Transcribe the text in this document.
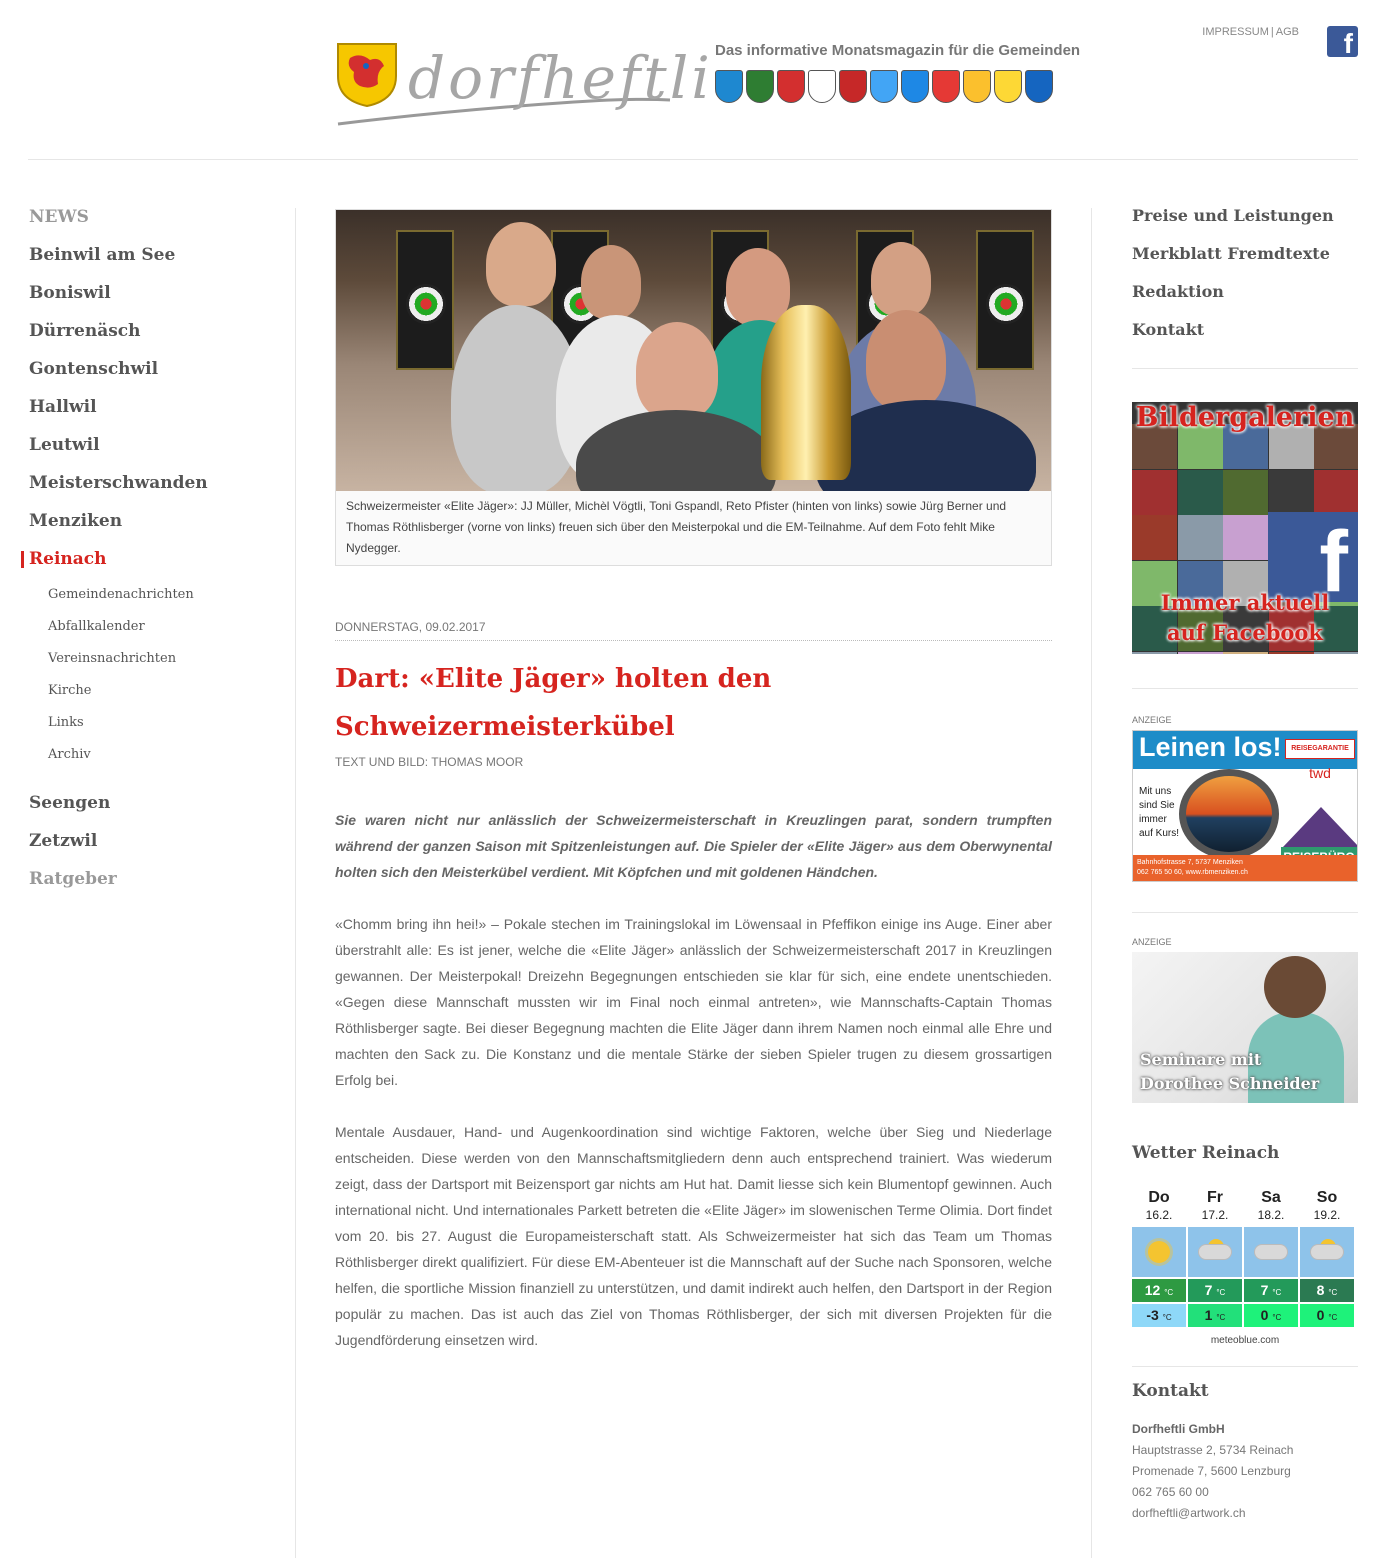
dorfheftli Das informative Monatsmagazin für die Gemeinden
IMPRESSUM | AGB	f
NEWS
Beinwil am See
Boniswil
Dürrenäsch
Gontenschwil
Hallwil
Leutwil
Meisterschwanden
Menziken
Reinach
Gemeindenachrichten
Abfallkalender
Vereinsnachrichten
Kirche
Links
Archiv
Seengen
Zetzwil
Ratgeber
Schweizermeister «Elite Jäger»: JJ Müller, Michèl Vögtli, Toni Gspandl, Reto Pfister (hinten von links) sowie Jürg Berner und Thomas Röthlisberger (vorne von links) freuen sich über den Meisterpokal und die EM-Teilnahme. Auf dem Foto fehlt Mike Nydegger.
DONNERSTAG, 09.02.2017
Dart: «Elite Jäger» holten den Schweizermeisterkübel
TEXT UND BILD: THOMAS MOOR

Sie waren nicht nur anlässlich der Schweizermeisterschaft in Kreuzlingen parat, sondern trumpften während der ganzen Saison mit Spitzenleistungen auf. Die Spieler der «Elite Jäger» aus dem Oberwynental holten sich den Meisterkübel verdient. Mit Köpfchen und mit goldenen Händchen.

«Chomm bring ihn hei!» – Pokale stechen im Trainingslokal im Löwensaal in Pfeffikon einige ins Auge. Einer aber überstrahlt alle: Es ist jener, welche die «Elite Jäger» anlässlich der Schweizermeisterschaft 2017 in Kreuzlingen gewannen. Der Meisterpokal! Dreizehn Begegnungen entschieden sie klar für sich, eine endete unentschieden. «Gegen diese Mannschaft mussten wir im Final noch einmal antreten», wie Mannschafts-Captain Thomas Röthlisberger sagte. Bei dieser Begegnung machten die Elite Jäger dann ihrem Namen noch einmal alle Ehre und machten den Sack zu. Die Konstanz und die mentale Stärke der sieben Spieler trugen zu diesem grossartigen Erfolg bei.

Mentale Ausdauer, Hand- und Augenkoordination sind wichtige Faktoren, welche über Sieg und Niederlage entscheiden. Diese werden von den Mannschaftsmitgliedern denn auch entsprechend trainiert. Was wiederum zeigt, dass der Dartsport mit Beizensport gar nichts am Hut hat. Damit liesse sich kein Blumentopf gewinnen. Auch international nicht. Und internationales Parkett betreten die «Elite Jäger» im slowenischen Terme Olimia. Dort findet vom 20. bis 27. August die Europameisterschaft statt. Als Schweizermeister hat sich das Team um Thomas Röthlisberger direkt qualifiziert. Für diese EM-Abenteuer ist die Mannschaft auf der Suche nach Sponsoren, welche helfen, die sportliche Mission finanziell zu unterstützen, und damit indirekt auch helfen, den Dartsport in der Region populär zu machen. Das ist auch das Ziel von Thomas Röthlisberger, der sich mit diversen Projekten für die Jugendförderung einsetzen wird.

Preise und Leistungen
Merkblatt Fremdtexte
Redaktion
Kontakt
f
Bildergalerien
Immer aktuell
auf Facebook
ANZEIGE
Leinen los!
Mit uns
sind Sie
immer
auf Kurs!
REISEGARANTIE
twd
Bahnhofstrasse 7, 5737 Menziken
062 765 50 60, www.rbmenziken.ch
ANZEIGE
Seminare mit
Dorothee Schneider
Wetter Reinach
Do
16.2.
12 °C
-3 °C
Fr
17.2.
7 °C
1 °C
Sa
18.2.
7 °C
0 °C
So
19.2.
8 °C
0 °C
meteoblue.com
Kontakt
Dorfheftli GmbH
Hauptstrasse 2, 5734 Reinach
Promenade 7, 5600 Lenzburg
062 765 60 00
dorfheftli@artwork.ch
